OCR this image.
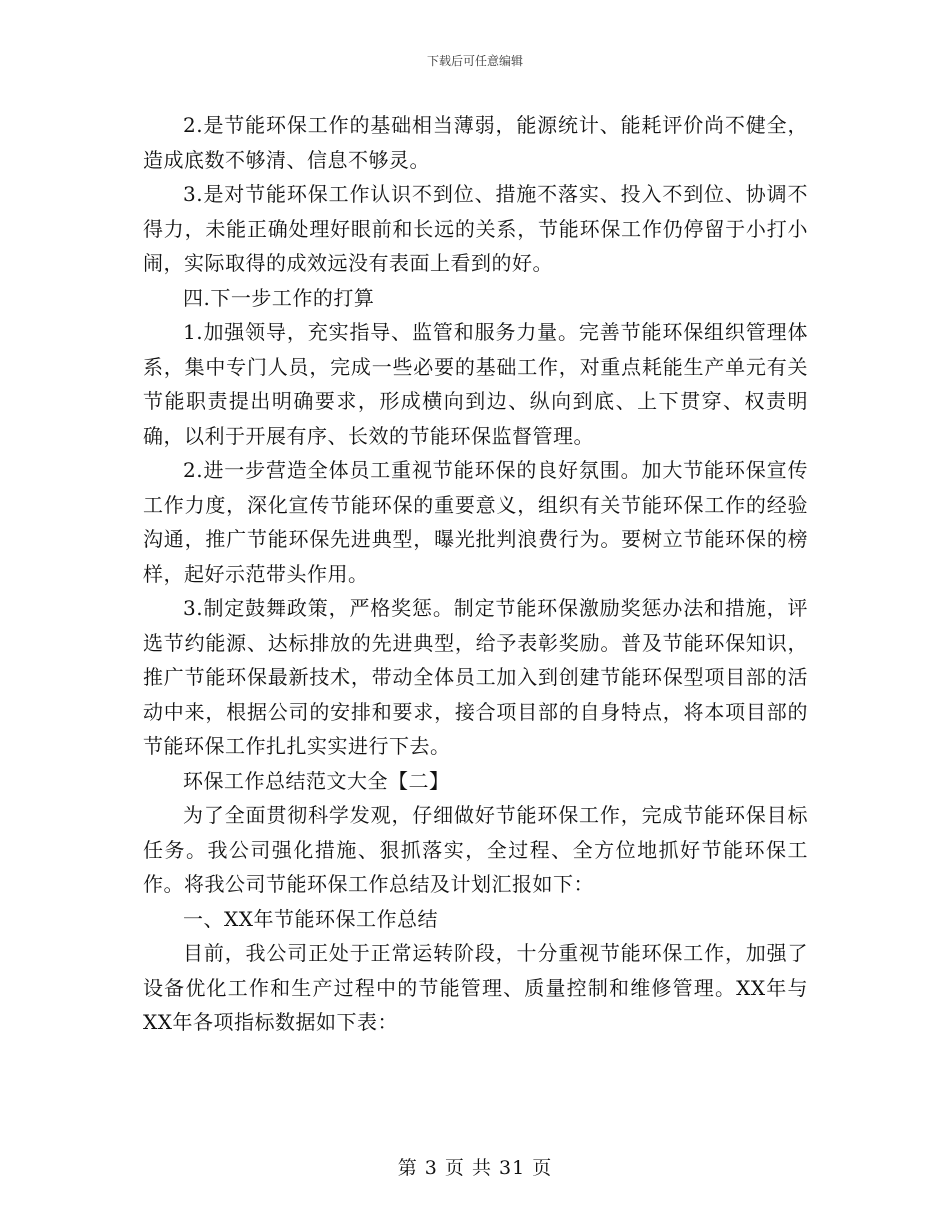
下载后可任意编辑

2.是节能环保工作的基础相当薄弱，能源统计、能耗评价尚不健全，造成底数不够清、信息不够灵。

3.是对节能环保工作认识不到位、措施不落实、投入不到位、协调不得力，未能正确处理好眼前和长远的关系，节能环保工作仍停留于小打小闹，实际取得的成效远没有表面上看到的好。

四.下一步工作的打算

1.加强领导，充实指导、监管和服务力量。完善节能环保组织管理体系，集中专门人员，完成一些必要的基础工作，对重点耗能生产单元有关节能职责提出明确要求，形成横向到边、纵向到底、上下贯穿、权责明确，以利于开展有序、长效的节能环保监督管理。

2.进一步营造全体员工重视节能环保的良好氛围。加大节能环保宣传工作力度，深化宣传节能环保的重要意义，组织有关节能环保工作的经验沟通，推广节能环保先进典型，曝光批判浪费行为。要树立节能环保的榜样，起好示范带头作用。

3.制定鼓舞政策，严格奖惩。制定节能环保激励奖惩办法和措施，评选节约能源、达标排放的先进典型，给予表彰奖励。普及节能环保知识，推广节能环保最新技术，带动全体员工加入到创建节能环保型项目部的活动中来，根据公司的安排和要求，接合项目部的自身特点，将本项目部的节能环保工作扎扎实实进行下去。

环保工作总结范文大全【二】

为了全面贯彻科学发观，仔细做好节能环保工作，完成节能环保目标任务。我公司强化措施、狠抓落实，全过程、全方位地抓好节能环保工作。将我公司节能环保工作总结及计划汇报如下：

一、XX年节能环保工作总结

目前，我公司正处于正常运转阶段，十分重视节能环保工作，加强了设备优化工作和生产过程中的节能管理、质量控制和维修管理。XX年与XX年各项指标数据如下表：

第 3 页 共 31 页
